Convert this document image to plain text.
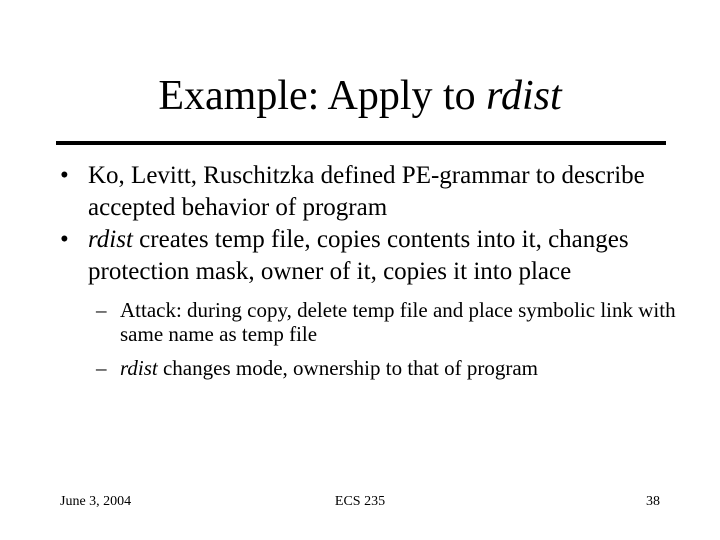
Example: Apply to rdist
• Ko, Levitt, Ruschitzka defined PE-grammar to describe accepted behavior of program
• rdist creates temp file, copies contents into it, changes protection mask, owner of it, copies it into place
– Attack: during copy, delete temp file and place symbolic link with same name as temp file
– rdist changes mode, ownership to that of program
June 3, 2004	ECS 235	38
